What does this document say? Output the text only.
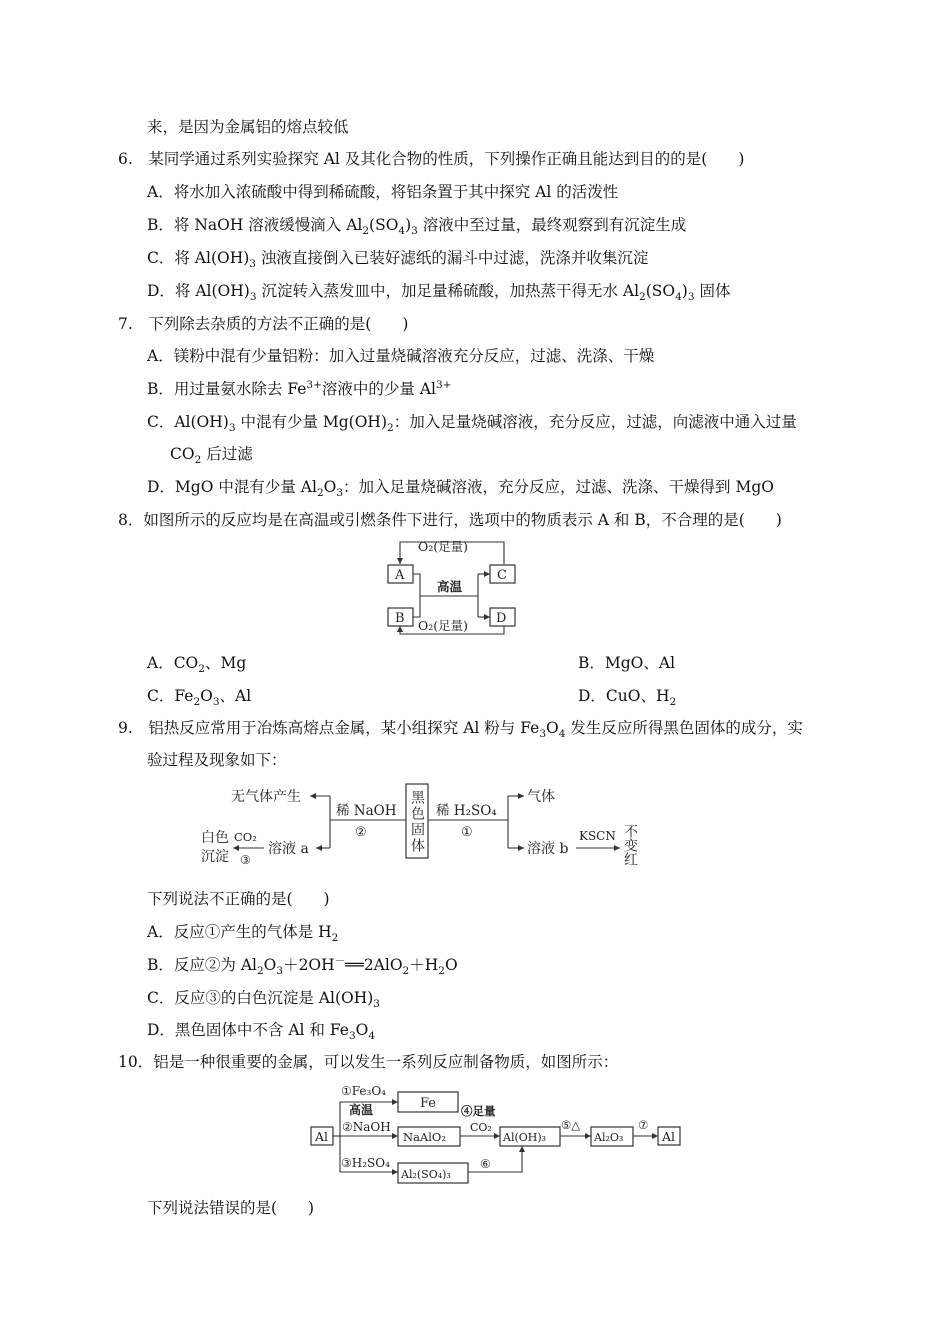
来，是因为金属铝的熔点较低
6.　某同学通过系列实验探究 Al 及其化合物的性质，下列操作正确且能达到目的的是(　　)
A．将水加入浓硫酸中得到稀硫酸，将铝条置于其中探究 Al 的活泼性
B．将 NaOH 溶液缓慢滴入 $Al_2(SO_4)_3$ 溶液中至过量，最终观察到有沉淀生成
C．将 $Al(OH)_3$ 浊液直接倒入已装好滤纸的漏斗中过滤，洗涤并收集沉淀
D．将 $Al(OH)_3$ 沉淀转入蒸发皿中，加足量稀硫酸，加热蒸干得无水 $Al_2(SO_4)_3$ 固体
7.　下列除去杂质的方法不正确的是(　　)
A．镁粉中混有少量铝粉：加入过量烧碱溶液充分反应，过滤、洗涤、干燥
B．用过量氨水除去 $Fe^{3+}$溶液中的少量 $Al^{3+}$
C．$Al(OH)_3$ 中混有少量 $Mg(OH)_2$：加入足量烧碱溶液，充分反应，过滤，向滤液中通入过量
$CO_2$ 后过滤
D．MgO 中混有少量 $Al_2O_3$：加入足量烧碱溶液，充分反应，过滤、洗涤、干燥得到 MgO
8．如图所示的反应均是在高温或引燃条件下进行，选项中的物质表示 A 和 B，不合理的是(　　)
O₂(足量)
A	C
B	D
高温
O₂(足量)
A．$CO_2$、Mg	B．MgO、Al
C．$Fe_2O_3$、Al	D．CuO、$H_2$
9.　铝热反应常用于冶炼高熔点金属，某小组探究 Al 粉与 $Fe_3O_4$ 发生反应所得黑色固体的成分，实
验过程及现象如下：
黑色固体
稀 NaOH
②
无气体产生
溶液 a
CO₂
③
白色
沉淀
稀 H₂SO₄
①
气体
溶液 b
KSCN 不变红
下列说法不正确的是(　　)
A．反应①产生的气体是 $H_2$
B．反应②为 $Al_2O_3+2OH^-══2AlO_2+H_2O$
C．反应③的白色沉淀是 $Al(OH)_3$
D．黑色固体中不含 Al 和 $Fe_3O_4$
10．铝是一种很重要的金属，可以发生一系列反应制备物质，如图所示：
Al
①Fe₃O₄
高温	Fe
②NaOH
NaAlO₂
④足量
CO₂
Al(OH)₃
⑤△
Al₂O₃
⑦
Al
③H₂SO₄
Al₂(SO₄)₃
⑥
下列说法错误的是(　　)
